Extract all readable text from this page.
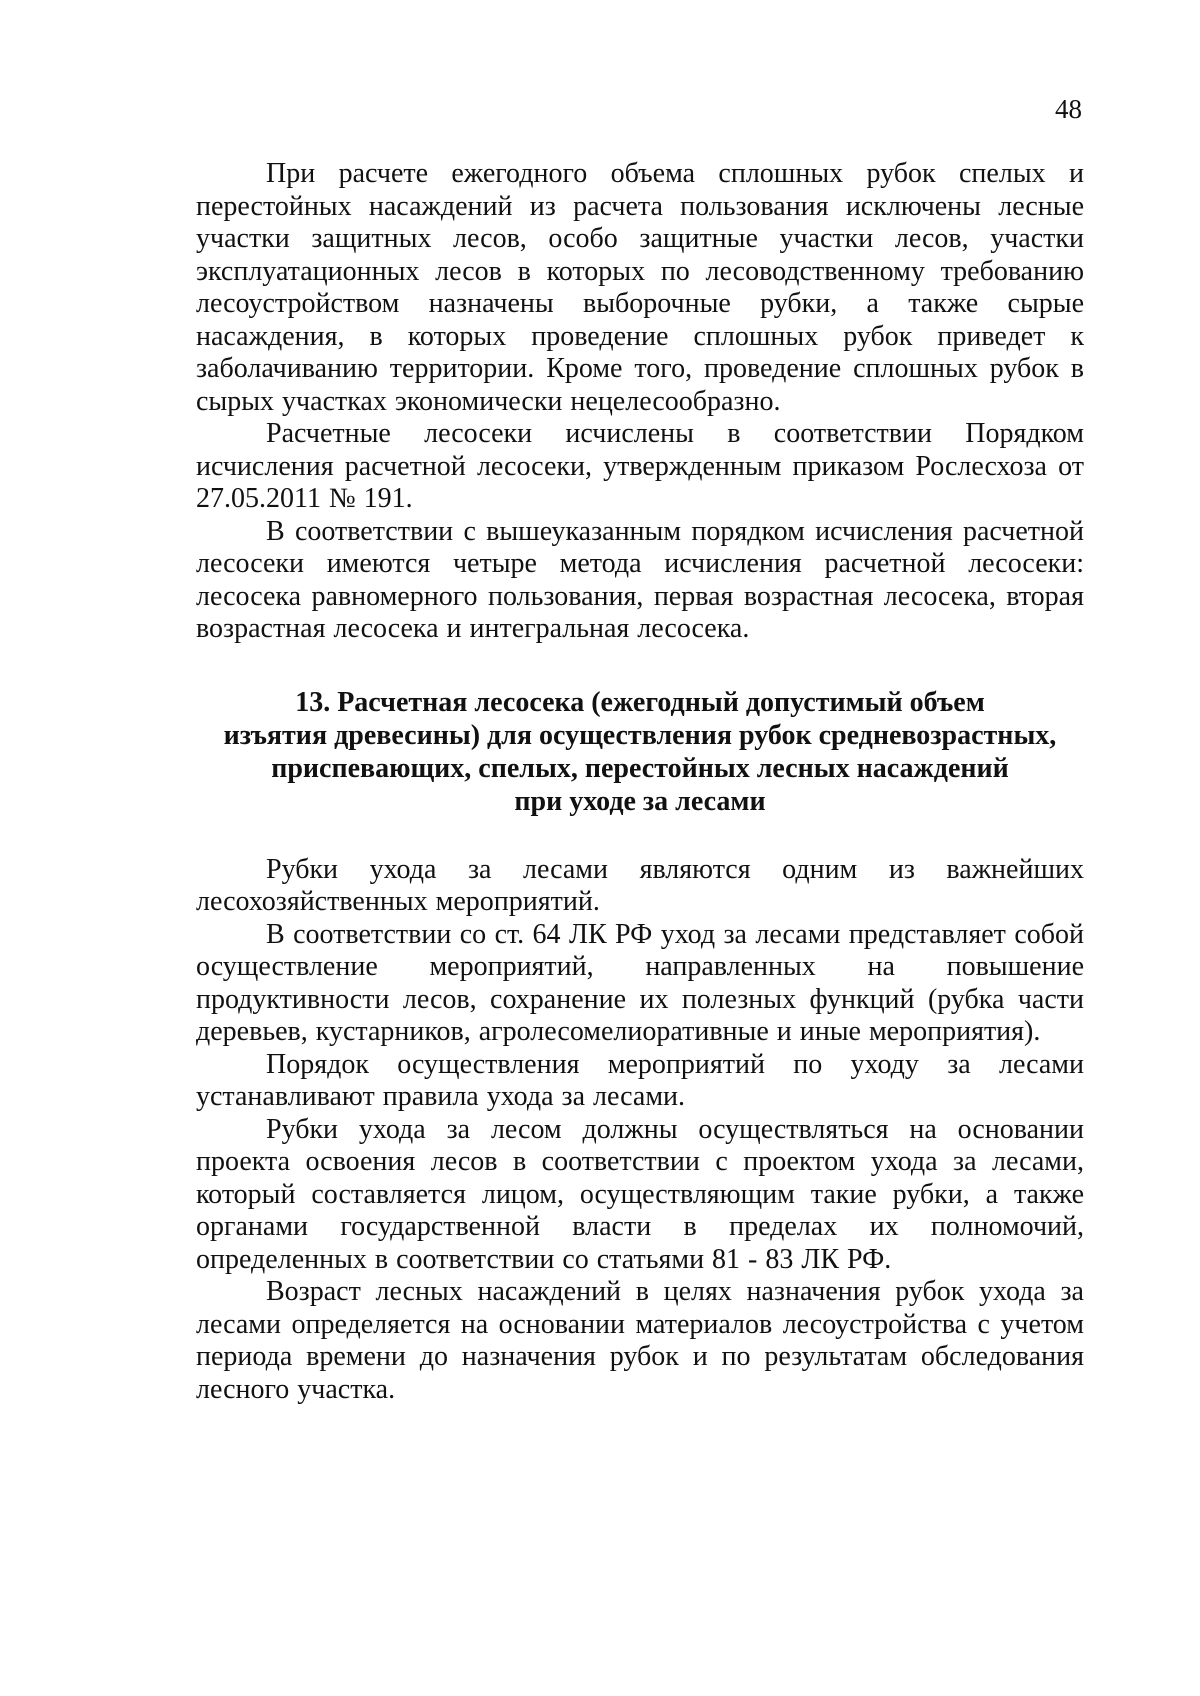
48

При расчете ежегодного объема сплошных рубок спелых и перестойных насаждений из расчета пользования исключены лесные участки защитных лесов, особо защитные участки лесов, участки эксплуатационных лесов в которых по лесоводственному требованию лесоустройством назначены выборочные рубки, а также сырые насаждения, в которых проведение сплошных рубок приведет к заболачиванию территории. Кроме того, проведение сплошных рубок в сырых участках экономически нецелесообразно.

Расчетные лесосеки исчислены в соответствии Порядком исчисления расчетной лесосеки, утвержденным приказом Рослесхоза от 27.05.2011 № 191.

В соответствии с вышеуказанным порядком исчисления расчетной лесосеки имеются четыре метода исчисления расчетной лесосеки: лесосека равномерного пользования, первая возрастная лесосека, вторая возрастная лесосека и интегральная лесосека.

13. Расчетная лесосека (ежегодный допустимый объем
изъятия древесины) для осуществления рубок средневозрастных,
приспевающих, спелых, перестойных лесных насаждений
при уходе за лесами

Рубки ухода за лесами являются одним из важнейших лесохозяйственных мероприятий.

В соответствии со ст. 64 ЛК РФ уход за лесами представляет собой осуществление мероприятий, направленных на повышение продуктивности лесов, сохранение их полезных функций (рубка части деревьев, кустарников, агролесомелиоративные и иные мероприятия).

Порядок осуществления мероприятий по уходу за лесами устанавливают правила ухода за лесами.

Рубки ухода за лесом должны осуществляться на основании проекта освоения лесов в соответствии с проектом ухода за лесами, который составляется лицом, осуществляющим такие рубки, а также органами государственной власти в пределах их полномочий, определенных в соответствии со статьями 81 - 83 ЛК РФ.

Возраст лесных насаждений в целях назначения рубок ухода за лесами определяется на основании материалов лесоустройства с учетом периода времени до назначения рубок и по результатам обследования лесного участка.
